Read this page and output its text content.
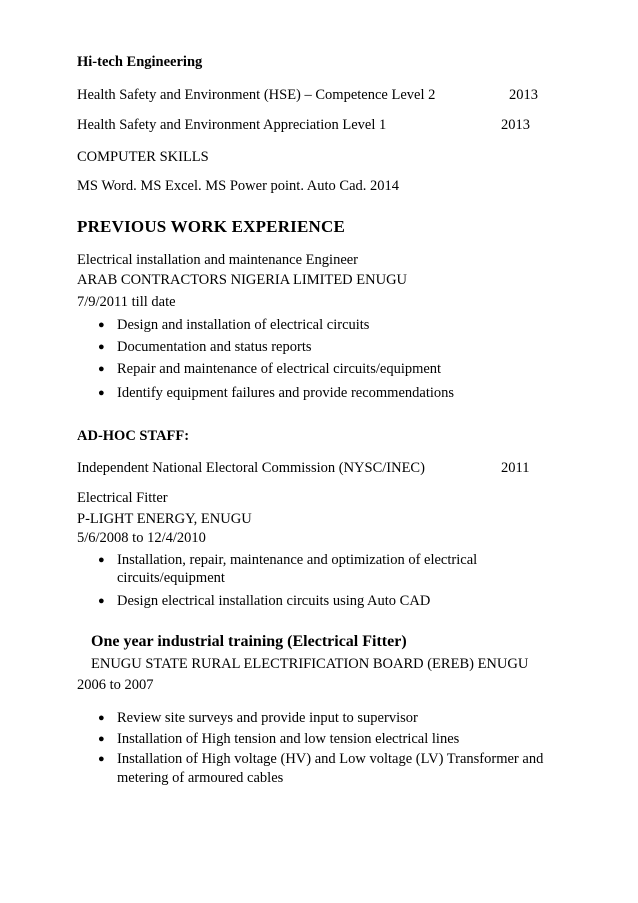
Hi-tech Engineering
Health Safety and Environment (HSE) – Competence Level 2	2013
Health Safety and Environment Appreciation Level 1	2013
COMPUTER SKILLS
MS Word. MS Excel. MS Power point. Auto Cad. 2014
PREVIOUS WORK EXPERIENCE
Electrical installation and maintenance Engineer
ARAB CONTRACTORS NIGERIA LIMITED ENUGU
7/9/2011 till date
● Design and installation of electrical circuits
● Documentation and status reports
● Repair and maintenance of electrical circuits/equipment
● Identify equipment failures and provide recommendations
AD-HOC STAFF:
Independent National Electoral Commission (NYSC/INEC)	2011
Electrical Fitter
P-LIGHT ENERGY, ENUGU
5/6/2008 to 12/4/2010
● Installation, repair, maintenance and optimization of electrical
circuits/equipment
● Design electrical installation circuits using Auto CAD
One year industrial training (Electrical Fitter)
ENUGU STATE RURAL ELECTRIFICATION BOARD (EREB) ENUGU
2006 to 2007
● Review site surveys and provide input to supervisor
● Installation of High tension and low tension electrical lines
● Installation of High voltage (HV) and Low voltage (LV) Transformer and
metering of armoured cables
